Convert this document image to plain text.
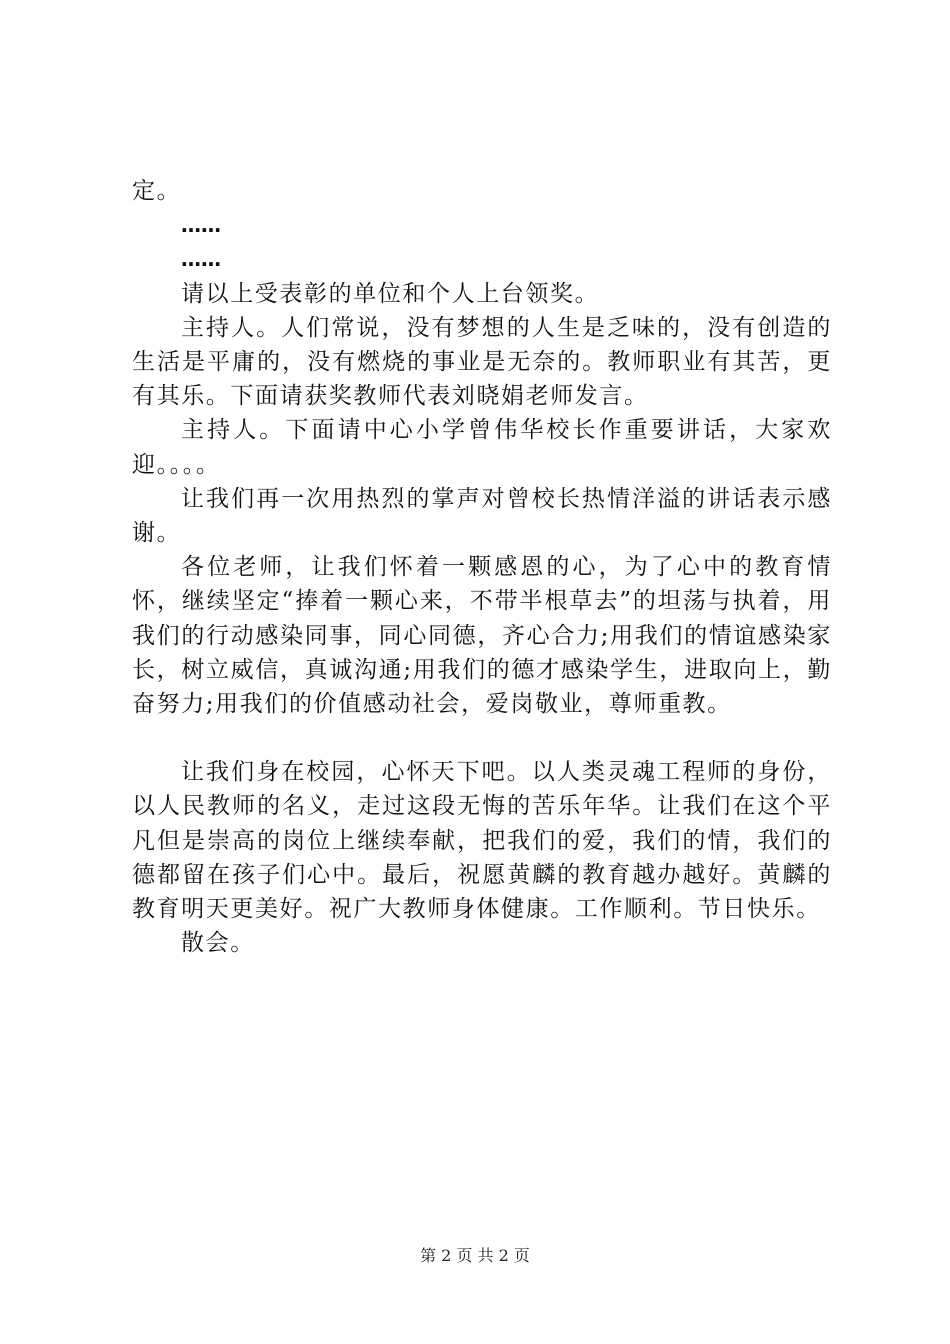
定。

……

……

请以上受表彰的单位和个人上台领奖。

主持人。人们常说，没有梦想的人生是乏味的，没有创造的生活是平庸的，没有燃烧的事业是无奈的。教师职业有其苦，更有其乐。下面请获奖教师代表刘晓娟老师发言。

主持人。下面请中心小学曾伟华校长作重要讲话，大家欢迎。。。。

让我们再一次用热烈的掌声对曾校长热情洋溢的讲话表示感谢。

各位老师，让我们怀着一颗感恩的心，为了心中的教育情怀，继续坚定“捧着一颗心来，不带半根草去”的坦荡与执着，用我们的行动感染同事，同心同德，齐心合力;用我们的情谊感染家长，树立威信，真诚沟通;用我们的德才感染学生，进取向上，勤奋努力;用我们的价值感动社会，爱岗敬业，尊师重教。

让我们身在校园，心怀天下吧。以人类灵魂工程师的身份，以人民教师的名义，走过这段无悔的苦乐年华。让我们在这个平凡但是崇高的岗位上继续奉献，把我们的爱，我们的情，我们的德都留在孩子们心中。最后，祝愿黄麟的教育越办越好。黄麟的教育明天更美好。祝广大教师身体健康。工作顺利。节日快乐。

散会。

第 2 页 共 2 页
